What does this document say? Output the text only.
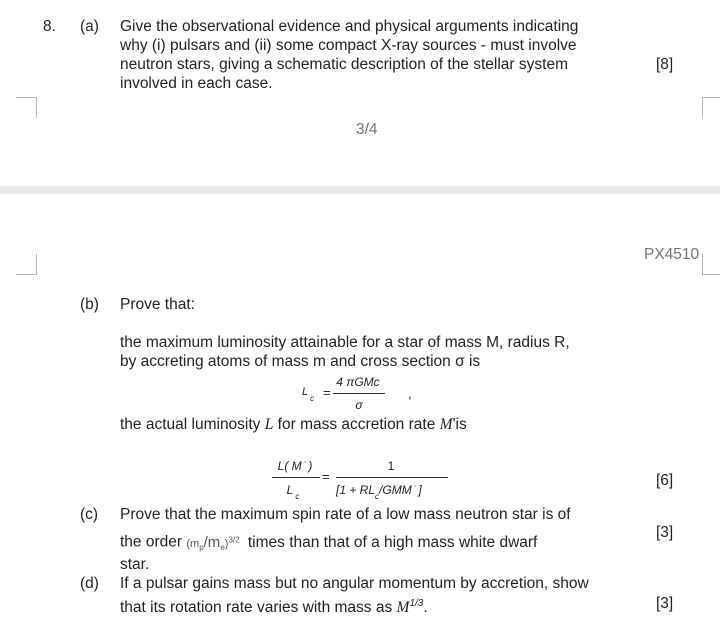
8. (a) Give the observational evidence and physical arguments indicating
why (i) pulsars and (ii) some compact X-ray sources - must involve
neutron stars, giving a schematic description of the stellar system
involved in each case.
[8]
3/4
PX4510
(b) Prove that:
the maximum luminosity attainable for a star of mass M, radius R,
by accreting atoms of mass m and cross section σ is
$L_c$ =
4 πGMc
σ
,
the actual luminosity L for mass accretion rate M'is
L( M ̇ )
L $_c$
=
1
[$1 + RL_c$/GMM ̇ ]
[6]
(c) Prove that the maximum spin rate of a low mass neutron star is of
the order $(m_p/m_e)^{3/2}$ times than that of a high mass white dwarf
star.
[3]
(d) If a pulsar gains mass but no angular momentum by accretion, show
that its rotation rate varies with mass as $M^{1/3}$.	[3]
